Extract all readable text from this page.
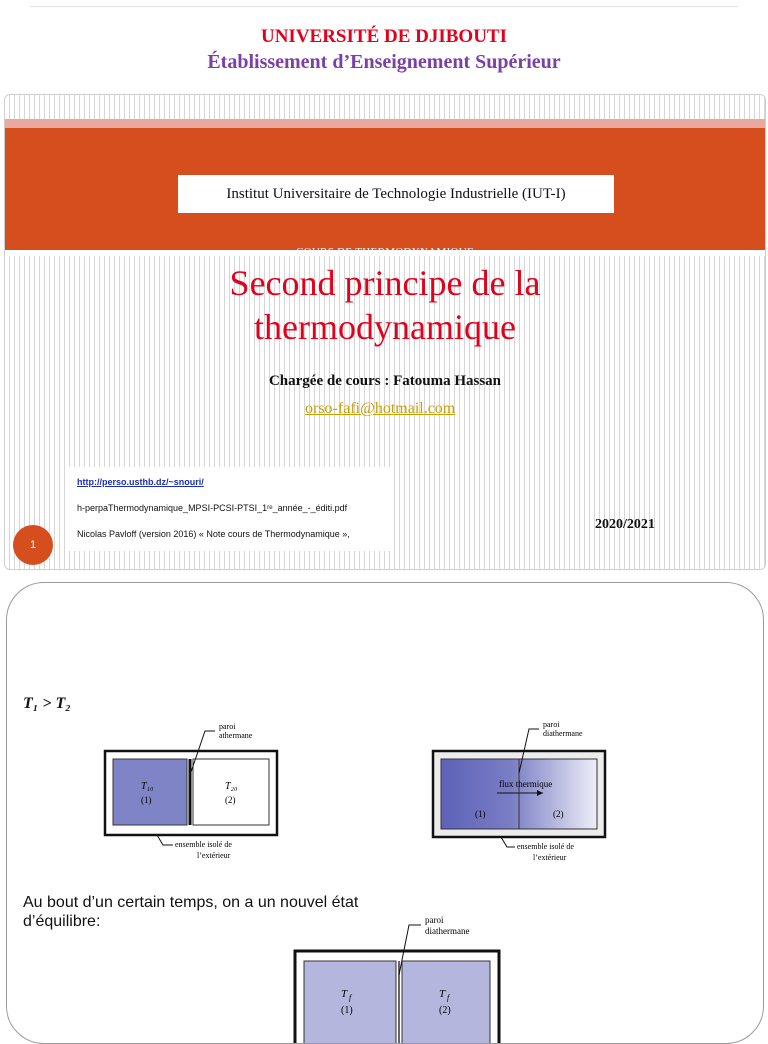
UNIVERSITÉ DE DJIBOUTI
Établissement d’Enseignement Supérieur
Institut Universitaire de Technologie Industrielle (IUT-I)
Second principe de la
thermodynamique
Chargée de cours : Fatouma Hassan
orso-fafi@hotmail.com
http://perso.usthb.dz/~snouri/
h-perpaThermodynamique_MPSI-PCSI-PTSI_1ʳᵉ_année_-_éditi.pdf
Nicolas Pavloff (version 2016) « Note cours de Thermodynamique »,
2020/2021
1
T₁ > T₂
paroi
athermane
T₁₀
(1)
T₂₀
(2)
ensemble isolé de
l’extérieur
paroi
diathermane
flux thermique
(1)	(2)
ensemble isolé de
l’extérieur
Au bout d’un certain temps, on a un nouvel état d’équilibre:	paroi
diathermane
T f
(1)
T f
(2)
